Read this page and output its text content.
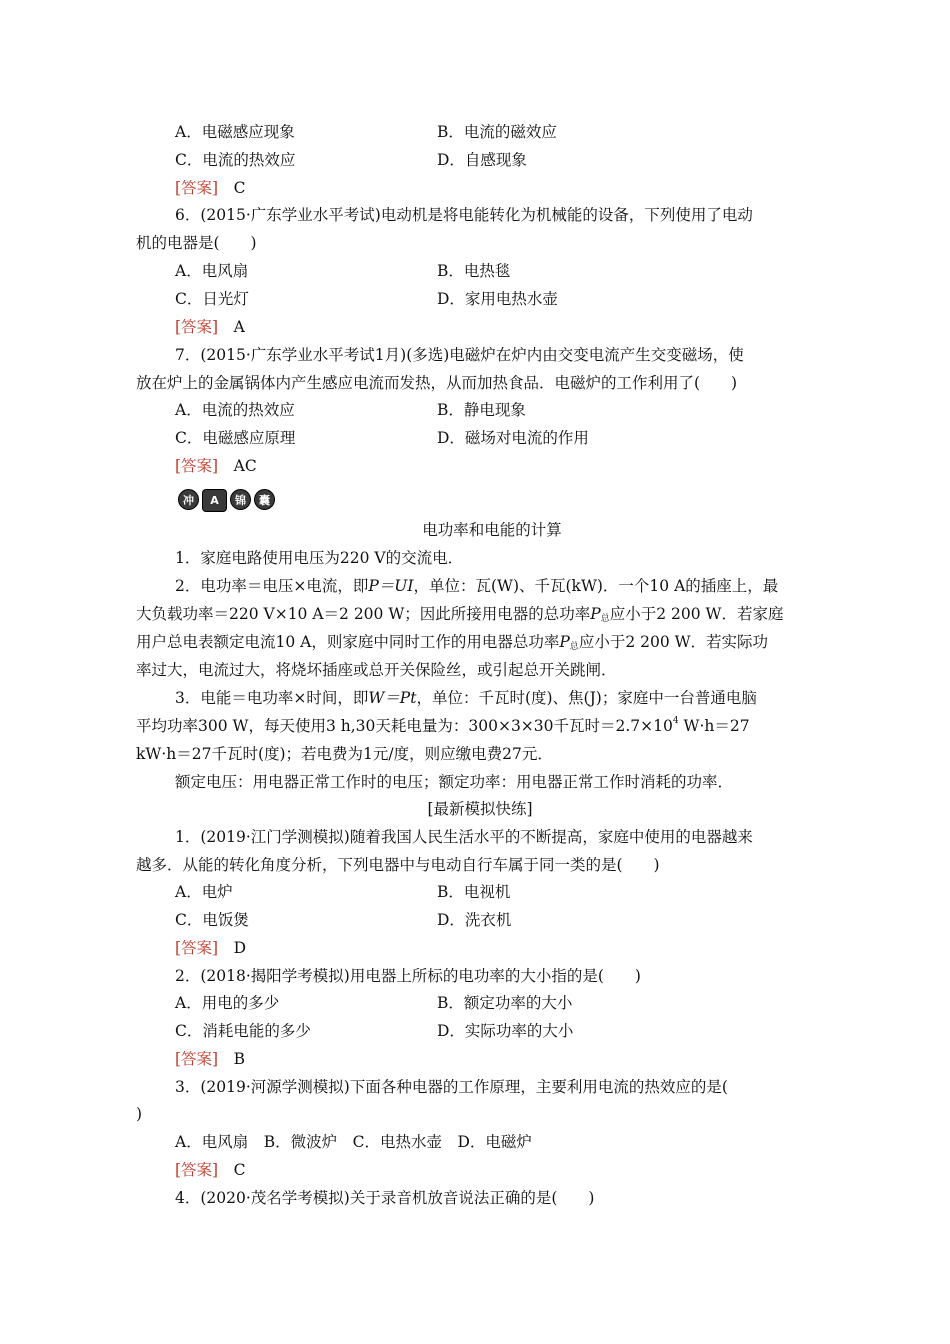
A．电磁感应现象	B．电流的磁效应
C．电流的热效应	D．自感现象
[答案]　 C
6．(2015·广东学业水平考试)电动机是将电能转化为机械能的设备，下列使用了电动
机的电器是(　　)
A．电风扇	B．电热毯
C．日光灯	D．家用电热水壶
[答案]　 A
7．(2015·广东学业水平考试1月)(多选)电磁炉在炉内由交变电流产生交变磁场，使
放在炉上的金属锅体内产生感应电流而发热，从而加热食品．电磁炉的工作利用了(　　)
A．电流的热效应	B．静电现象
C．电磁感应原理	D．磁场对电流的作用
[答案]　 AC
冲	A	锦	囊
电功率和电能的计算
1．家庭电路使用电压为220 V的交流电．
2．电功率＝电压×电流，即P＝UI，单位：瓦(W)、千瓦(kW)．一个10 A的插座上，最
大负载功率＝220 V×10 A＝2 200 W；因此所接用电器的总功率P总应小于2 200 W．若家庭
用户总电表额定电流10 A，则家庭中同时工作的用电器总功率P总应小于2 200 W．若实际功
率过大，电流过大，将烧坏插座或总开关保险丝，或引起总开关跳闸．
3．电能＝电功率×时间，即W＝Pt，单位：千瓦时(度)、焦(J)；家庭中一台普通电脑
平均功率300 W，每天使用3 h,30天耗电量为：300×3×30千瓦时$=2.7\times 10^4$ W·h＝27
kW·h＝27千瓦时(度)；若电费为1元/度，则应缴电费27元．
额定电压：用电器正常工作时的电压；额定功率：用电器正常工作时消耗的功率．
[最新模拟快练]
1．(2019·江门学测模拟)随着我国人民生活水平的不断提高，家庭中使用的电器越来
越多．从能的转化角度分析，下列电器中与电动自行车属于同一类的是(　　)
A．电炉	B．电视机
C．电饭煲	D．洗衣机
[答案]　 D
2．(2018·揭阳学考模拟)用电器上所标的电功率的大小指的是(　　)
A．用电的多少	B．额定功率的大小
C．消耗电能的多少	D．实际功率的大小
[答案]　 B
3．(2019·河源学测模拟)下面各种电器的工作原理，主要利用电流的热效应的是(
)
A．电风扇　B．微波炉　C．电热水壶　D．电磁炉
[答案]　 C
4．(2020·茂名学考模拟)关于录音机放音说法正确的是(　　)
